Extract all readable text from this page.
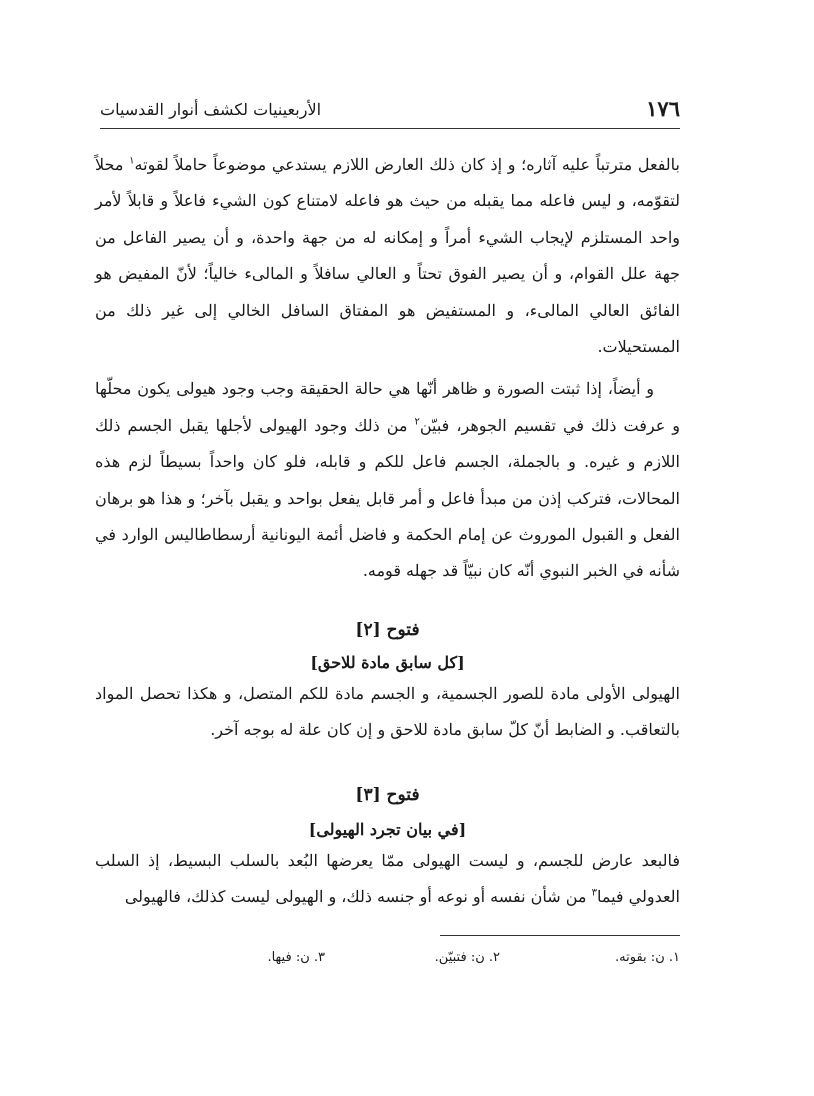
١٧٦
الأربعينيات لكشف أنوار القدسيات

بالفعل مترتباً عليه آثاره؛ و إذ كان ذلك العارض اللازم يستدعي موضوعاً حاملاً لقوته$^١$ محلاً لتقوّمه، و ليس فاعله مما يقبله من حيث هو فاعله لامتناع كون الشيء فاعلاً و قابلاً لأمر واحد المستلزم لإيجاب الشيء أمراً و إمكانه له من جهة واحدة، و أن يصير الفاعل من جهة علل القوام، و أن يصير الفوق تحتاً و العالي سافلاً و المالىء خالياً؛ لأنّ المفيض هو الفائق العالي المالىء، و المستفيض هو المفتاق السافل الخالي إلى غير ذلك من المستحيلات.

و أيضاً، إذا ثبتت الصورة و ظاهر أنّها هي حالة الحقيقة وجب وجود هيولى يكون محلّها و عرفت ذلك في تقسيم الجوهر، فبيّن$^٢$ من ذلك وجود الهيولى لأجلها يقبل الجسم ذلك اللازم و غيره. و بالجملة، الجسم فاعل للكم و قابله، فلو كان واحداً بسيطاً لزم هذه المحالات، فتركب إذن من مبدأ فاعل و أمر قابل يفعل بواحد و يقبل بآخر؛ و هذا هو برهان الفعل و القبول الموروث عن إمام الحكمة و فاضل أئمة اليونانية أرسطاطاليس الوارد في شأنه في الخبر النبوي أنّه كان نبيّاً قد جهله قومه.

فتوح [٢]

[كل سابق مادة للاحق]

الهيولى الأولى مادة للصور الجسمية، و الجسم مادة للكم المتصل، و هكذا تحصل المواد بالتعاقب. و الضابط أنّ كلّ سابق مادة للاحق و إن كان علة له بوجه آخر.

فتوح [٣]

[في بيان تجرد الهيولى]

فالبعد عارض للجسم، و ليست الهيولى ممّا يعرضها البُعد بالسلب البسيط، إذ السلب العدولي فيما$^٣$ من شأن نفسه أو نوعه أو جنسه ذلك، و الهيولى ليست كذلك، فالهيولى

١. ن: بقوته.
٢. ن: فتبيّن.
٣. ن: فيها.
